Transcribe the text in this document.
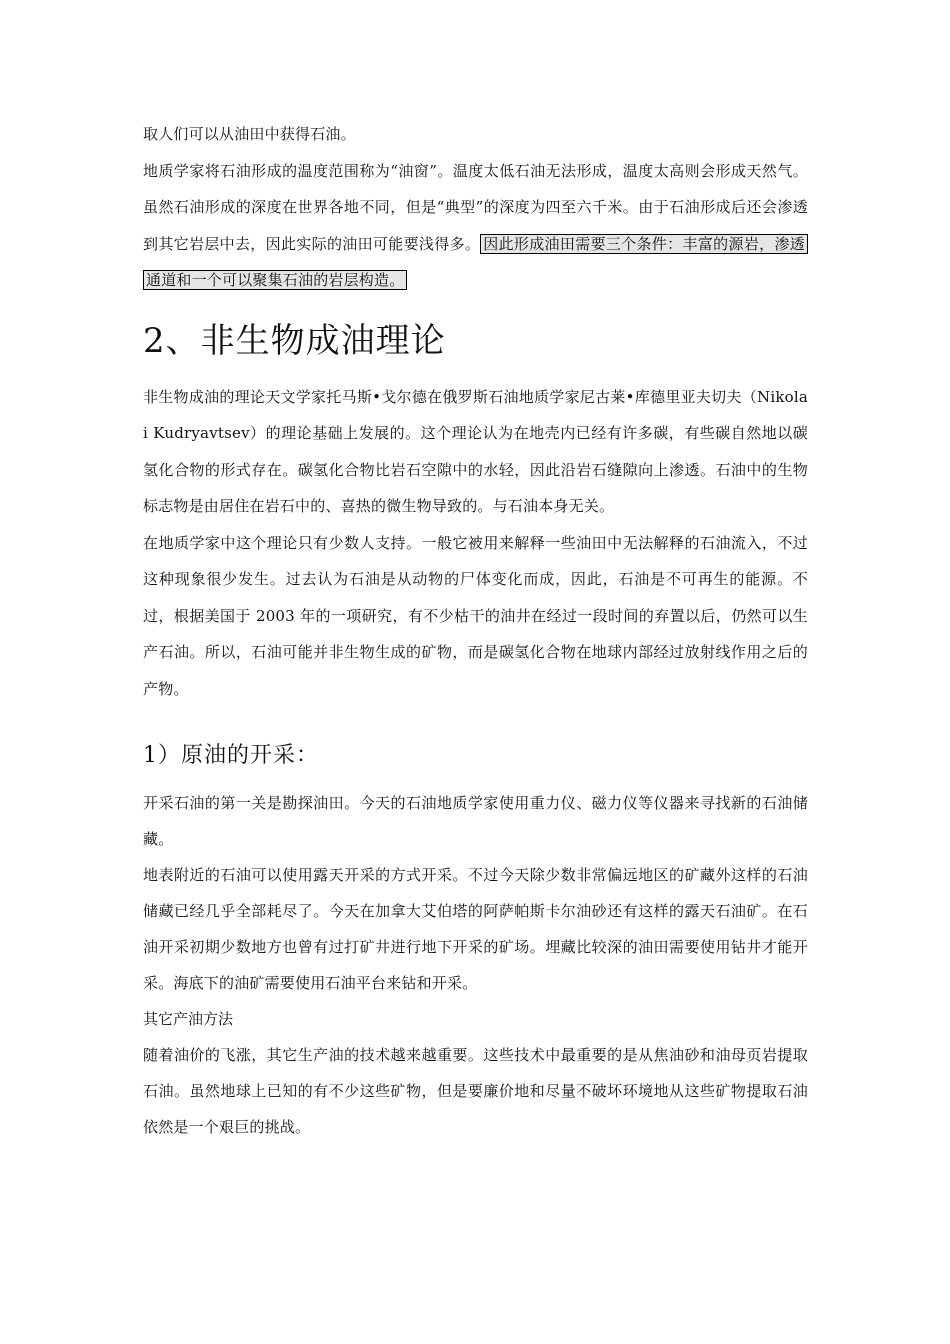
取人们可以从油田中获得石油。

地质学家将石油形成的温度范围称为“油窗”。温度太低石油无法形成，温度太高则会形成天然气。虽然石油形成的深度在世界各地不同，但是“典型”的深度为四至六千米。由于石油形成后还会渗透到其它岩层中去，因此实际的油田可能要浅得多。 因此形成油田需要三个条件：丰富的源岩，渗透通道和一个可以聚集石油的岩层构造。

2、非生物成油理论

非生物成油的理论天文学家托马斯•戈尔德在俄罗斯石油地质学家尼古莱•库德里亚夫切夫（Nikolai Kudryavtsev）的理论基础上发展的。这个理论认为在地壳内已经有许多碳，有些碳自然地以碳氢化合物的形式存在。碳氢化合物比岩石空隙中的水轻，因此沿岩石缝隙向上渗透。石油中的生物标志物是由居住在岩石中的、喜热的微生物导致的。与石油本身无关。

在地质学家中这个理论只有少数人支持。一般它被用来解释一些油田中无法解释的石油流入，不过这种现象很少发生。过去认为石油是从动物的尸体变化而成，因此，石油是不可再生的能源。不过，根据美国于 2003 年的一项研究，有不少枯干的油井在经过一段时间的弃置以后，仍然可以生产石油。所以，石油可能并非生物生成的矿物，而是碳氢化合物在地球内部经过放射线作用之后的产物。

1）原油的开采：

开采石油的第一关是勘探油田。今天的石油地质学家使用重力仪、磁力仪等仪器来寻找新的石油储藏。

地表附近的石油可以使用露天开采的方式开采。不过今天除少数非常偏远地区的矿藏外这样的石油储藏已经几乎全部耗尽了。今天在加拿大艾伯塔的阿萨帕斯卡尔油砂还有这样的露天石油矿。在石油开采初期少数地方也曾有过打矿井进行地下开采的矿场。埋藏比较深的油田需要使用钻井才能开采。海底下的油矿需要使用石油平台来钻和开采。

其它产油方法

随着油价的飞涨，其它生产油的技术越来越重要。这些技术中最重要的是从焦油砂和油母页岩提取石油。虽然地球上已知的有不少这些矿物，但是要廉价地和尽量不破坏环境地从这些矿物提取石油依然是一个艰巨的挑战。
